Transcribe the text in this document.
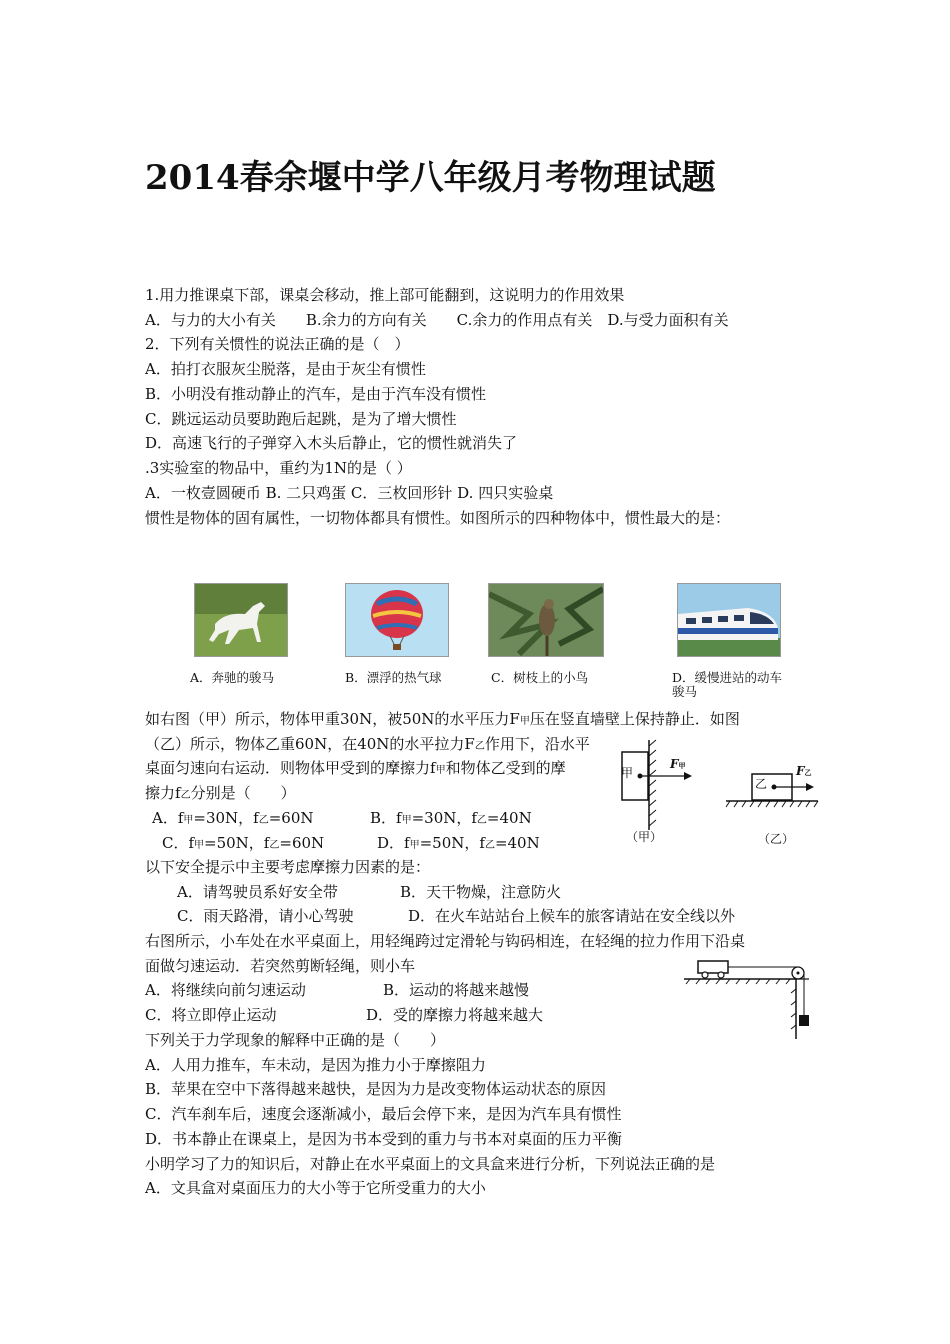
2014春余堰中学八年级月考物理试题
1.用力推课桌下部，课桌会移动，推上部可能翻到，这说明力的作用效果
A．与力的大小有关　　B.余力的方向有关　　C.余力的作用点有关　D.与受力面积有关
2．下列有关惯性的说法正确的是（　）
A．拍打衣服灰尘脱落，是由于灰尘有惯性
B．小明没有推动静止的汽车，是由于汽车没有惯性
C．跳远运动员要助跑后起跳，是为了增大惯性
D．高速飞行的子弹穿入木头后静止，它的惯性就消失了
.3实验室的物品中，重约为1N的是（ ）
A．一枚壹圆硬币 B. 二只鸡蛋 C．三枚回形针 D. 四只实验桌
惯性是物体的固有属性，一切物体都具有惯性。如图所示的四种物体中，惯性最大的是：
A．奔驰的骏马	B．漂浮的热气球	C．树枝上的小鸟	D．缓慢进站的动车
骏马
如右图（甲）所示，物体甲重30N，被50N的水平压力F甲压在竖直墙壁上保持静止．如图
（乙）所示，物体乙重60N，在40N的水平拉力F乙作用下，沿水平
桌面匀速向右运动．则物体甲受到的摩擦力f甲和物体乙受到的摩
擦力f乙分别是（　　）
A．f甲=30N，f乙=60N	B．f甲=30N，f乙=40N
C．f甲=50N，f乙=60N	D．f甲=50N，f乙=40N
甲
F甲
（甲）
乙
F乙
（乙）
以下安全提示中主要考虑摩擦力因素的是：
A．请驾驶员系好安全带	B．天干物燥，注意防火
C．雨天路滑，请小心驾驶	D．在火车站站台上候车的旅客请站在安全线以外
右图所示，小车处在水平桌面上，用轻绳跨过定滑轮与钩码相连，在轻绳的拉力作用下沿桌
面做匀速运动．若突然剪断轻绳，则小车
A．将继续向前匀速运动	B．运动的将越来越慢
C．将立即停止运动	D．受的摩擦力将越来越大
下列关于力学现象的解释中正确的是（　　）
A．人用力推车，车未动，是因为推力小于摩擦阻力
B．苹果在空中下落得越来越快，是因为力是改变物体运动状态的原因
C．汽车刹车后，速度会逐渐减小，最后会停下来，是因为汽车具有惯性
D．书本静止在课桌上，是因为书本受到的重力与书本对桌面的压力平衡
小明学习了力的知识后，对静止在水平桌面上的文具盒来进行分析，下列说法正确的是
A．文具盒对桌面压力的大小等于它所受重力的大小
